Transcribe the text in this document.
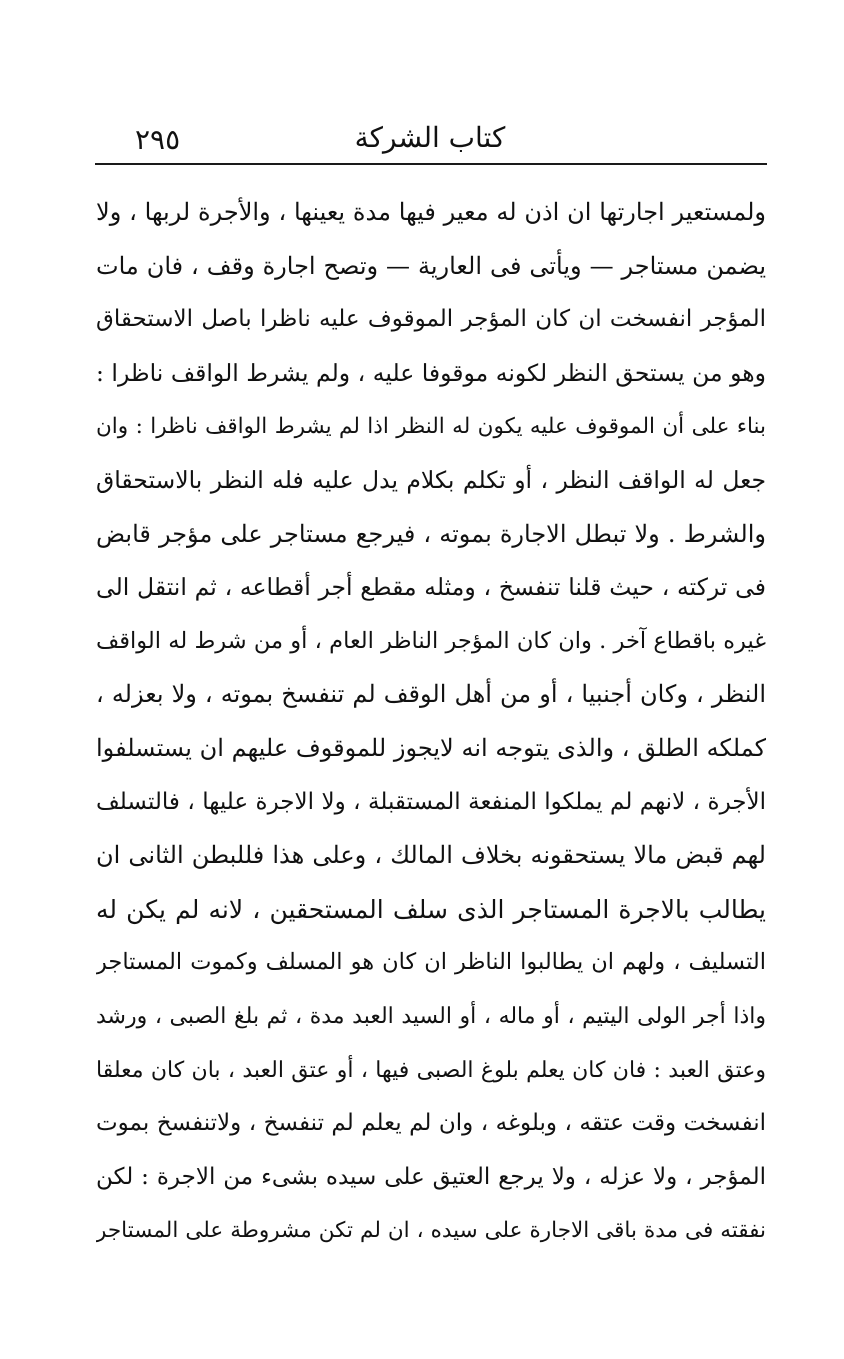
كتاب الشركة
٢٩٥
ولمستعير اجارتها ان اذن له معير فيها مدة يعينها ، والأجرة لربها ، ولا
يضمن مستاجر — ويأتى فى العارية — وتصح اجارة وقف ، فان مات
المؤجر انفسخت ان كان المؤجر الموقوف عليه ناظرا باصل الاستحقاق
وهو من يستحق النظر لكونه موقوفا عليه ، ولم يشرط الواقف ناظرا :
بناء على أن الموقوف عليه يكون له النظر اذا لم يشرط الواقف ناظرا : وان
جعل له الواقف النظر ، أو تكلم بكلام يدل عليه فله النظر بالاستحقاق
والشرط . ولا تبطل الاجارة بموته ، فيرجع مستاجر على مؤجر قابض
فى تركته ، حيث قلنا تنفسخ ، ومثله مقطع أجر أقطاعه ، ثم انتقل الى
غيره باقطاع آخر . وان كان المؤجر الناظر العام ، أو من شرط له الواقف
النظر ، وكان أجنبيا ، أو من أهل الوقف لم تنفسخ بموته ، ولا بعزله ،
كملكه الطلق ، والذى يتوجه انه لايجوز للموقوف عليهم ان يستسلفوا
الأجرة ، لانهم لم يملكوا المنفعة المستقبلة ، ولا الاجرة عليها ، فالتسلف
لهم قبض مالا يستحقونه بخلاف المالك ، وعلى هذا فللبطن الثانى ان
يطالب بالاجرة المستاجر الذى سلف المستحقين ، لانه لم يكن له
التسليف ، ولهم ان يطالبوا الناظر ان كان هو المسلف وكموت المستاجر
واذا أجر الولى اليتيم ، أو ماله ، أو السيد العبد مدة ، ثم بلغ الصبى ، ورشد
وعتق العبد : فان كان يعلم بلوغ الصبى فيها ، أو عتق العبد ، بان كان معلقا
انفسخت وقت عتقه ، وبلوغه ، وان لم يعلم لم تنفسخ ، ولاتنفسخ بموت
المؤجر ، ولا عزله ، ولا يرجع العتيق على سيده بشىء من الاجرة : لكن
نفقته فى مدة باقى الاجارة على سيده ، ان لم تكن مشروطة على المستاجر
